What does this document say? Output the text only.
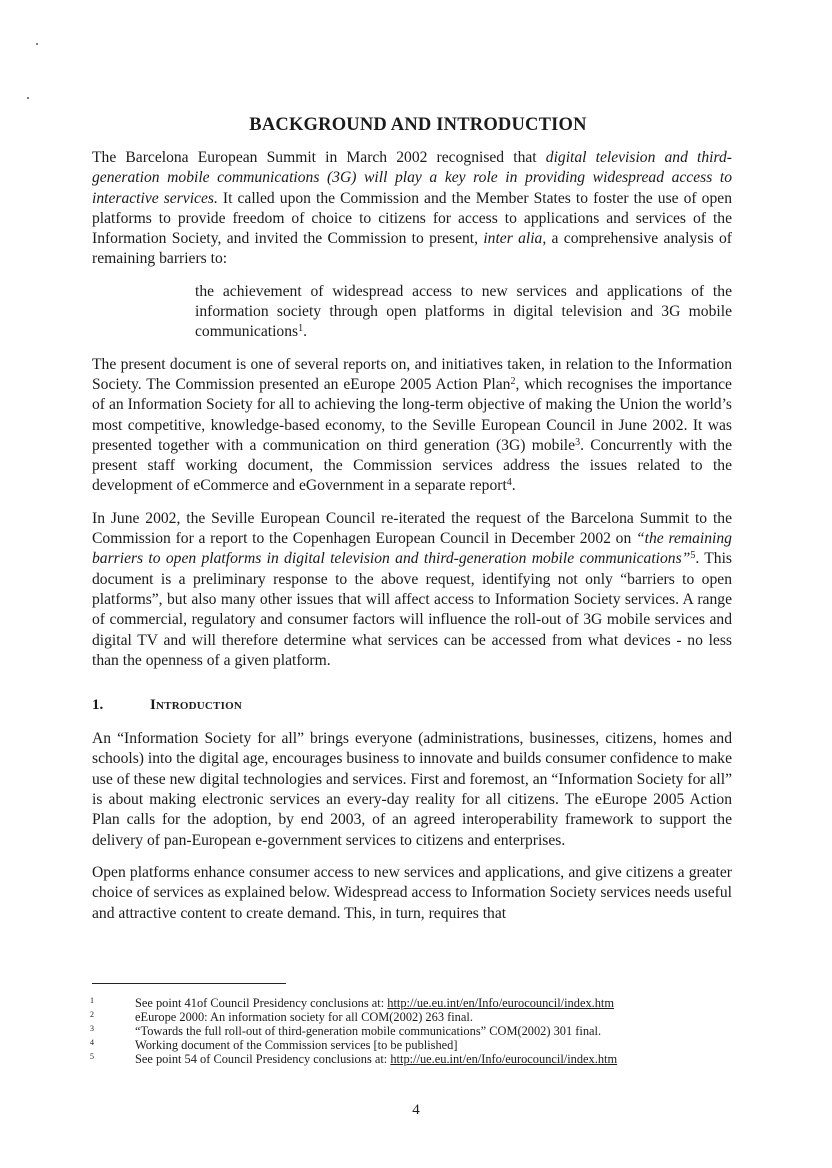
BACKGROUND AND INTRODUCTION

The Barcelona European Summit in March 2002 recognised that digital television and third-generation mobile communications (3G) will play a key role in providing widespread access to interactive services. It called upon the Commission and the Member States to foster the use of open platforms to provide freedom of choice to citizens for access to applications and services of the Information Society, and invited the Commission to present, inter alia, a comprehensive analysis of remaining barriers to:

the achievement of widespread access to new services and applications of the information society through open platforms in digital television and 3G mobile communications$^1$.

The present document is one of several reports on, and initiatives taken, in relation to the Information Society. The Commission presented an eEurope 2005 Action Plan$^2$, which recognises the importance of an Information Society for all to achieving the long-term objective of making the Union the world’s most competitive, knowledge-based economy, to the Seville European Council in June 2002. It was presented together with a communication on third generation (3G) mobile$^3$. Concurrently with the present staff working document, the Commission services address the issues related to the development of eCommerce and eGovernment in a separate report$^4$.

In June 2002, the Seville European Council re-iterated the request of the Barcelona Summit to the Commission for a report to the Copenhagen European Council in December 2002 on “the remaining barriers to open platforms in digital television and third-generation mobile communications”$^5$. This document is a preliminary response to the above request, identifying not only “barriers to open platforms”, but also many other issues that will affect access to Information Society services. A range of commercial, regulatory and consumer factors will influence the roll-out of 3G mobile services and digital TV and will therefore determine what services can be accessed from what devices - no less than the openness of a given platform.

1.	Introduction

An “Information Society for all” brings everyone (administrations, businesses, citizens, homes and schools) into the digital age, encourages business to innovate and builds consumer confidence to make use of these new digital technologies and services. First and foremost, an “Information Society for all” is about making electronic services an every-day reality for all citizens. The eEurope 2005 Action Plan calls for the adoption, by end 2003, of an agreed interoperability framework to support the delivery of pan-European e-government services to citizens and enterprises.

Open platforms enhance consumer access to new services and applications, and give citizens a greater choice of services as explained below. Widespread access to Information Society services needs useful and attractive content to create demand. This, in turn, requires that

1	See point 41of Council Presidency conclusions at: http://ue.eu.int/en/Info/eurocouncil/index.htm
2	eEurope 2000: An information society for all COM(2002) 263 final.
3	“Towards the full roll-out of third-generation mobile communications” COM(2002) 301 final.
4	Working document of the Commission services [to be published]
5	See point 54 of Council Presidency conclusions at: http://ue.eu.int/en/Info/eurocouncil/index.htm
4
